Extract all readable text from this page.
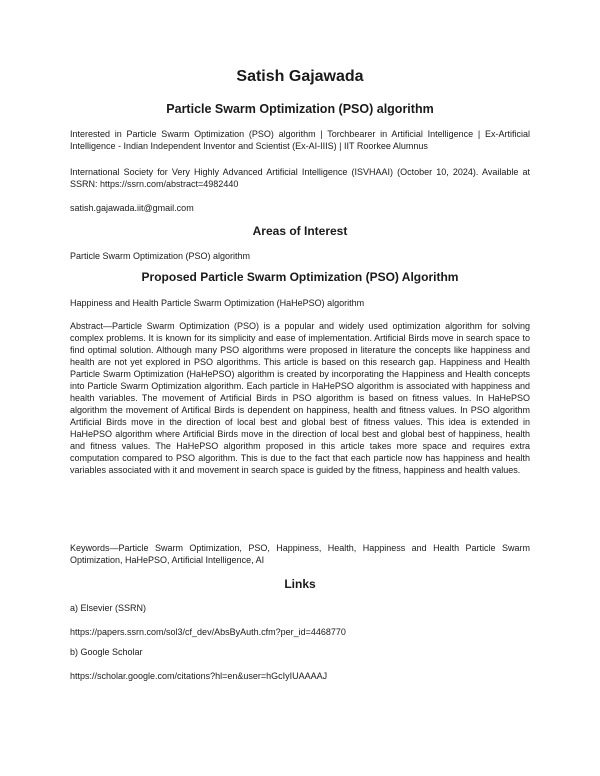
Satish Gajawada
Particle Swarm Optimization (PSO) algorithm

Interested in Particle Swarm Optimization (PSO) algorithm | Torchbearer in Artificial Intelligence | Ex-Artificial Intelligence - Indian Independent Inventor and Scientist (Ex-AI-IIIS) | IIT Roorkee Alumnus

International Society for Very Highly Advanced Artificial Intelligence (ISVHAAI) (October 10, 2024). Available at SSRN: https://ssrn.com/abstract=4982440

satish.gajawada.iit@gmail.com
Areas of Interest
Particle Swarm Optimization (PSO) algorithm
Proposed Particle Swarm Optimization (PSO) Algorithm
Happiness and Health Particle Swarm Optimization (HaHePSO) algorithm

Abstract—Particle Swarm Optimization (PSO) is a popular and widely used optimization algorithm for solving complex problems. It is known for its simplicity and ease of implementation. Artificial Birds move in search space to find optimal solution. Although many PSO algorithms were proposed in literature the concepts like happiness and health are not yet explored in PSO algorithms. This article is based on this research gap. Happiness and Health Particle Swarm Optimization (HaHePSO) algorithm is created by incorporating the Happiness and Health concepts into Particle Swarm Optimization algorithm. Each particle in HaHePSO algorithm is associated with happiness and health variables. The movement of Artificial Birds in PSO algorithm is based on fitness values. In HaHePSO algorithm the movement of Artifical Birds is dependent on happiness, health and fitness values. In PSO algorithm Artificial Birds move in the direction of local best and global best of fitness values. This idea is extended in HaHePSO algorithm where Artificial Birds move in the direction of local best and global best of happiness, health and fitness values. The HaHePSO algorithm proposed in this article takes more space and requires extra computation compared to PSO algorithm. This is due to the fact that each particle now has happiness and health variables associated with it and movement in search space is guided by the fitness, happiness and health values.

Keywords—Particle Swarm Optimization, PSO, Happiness, Health, Happiness and Health Particle Swarm Optimization, HaHePSO, Artificial Intelligence, AI

Links
a) Elsevier (SSRN)
https://papers.ssrn.com/sol3/cf_dev/AbsByAuth.cfm?per_id=4468770
b) Google Scholar
https://scholar.google.com/citations?hl=en&user=hGcIyIUAAAAJ
